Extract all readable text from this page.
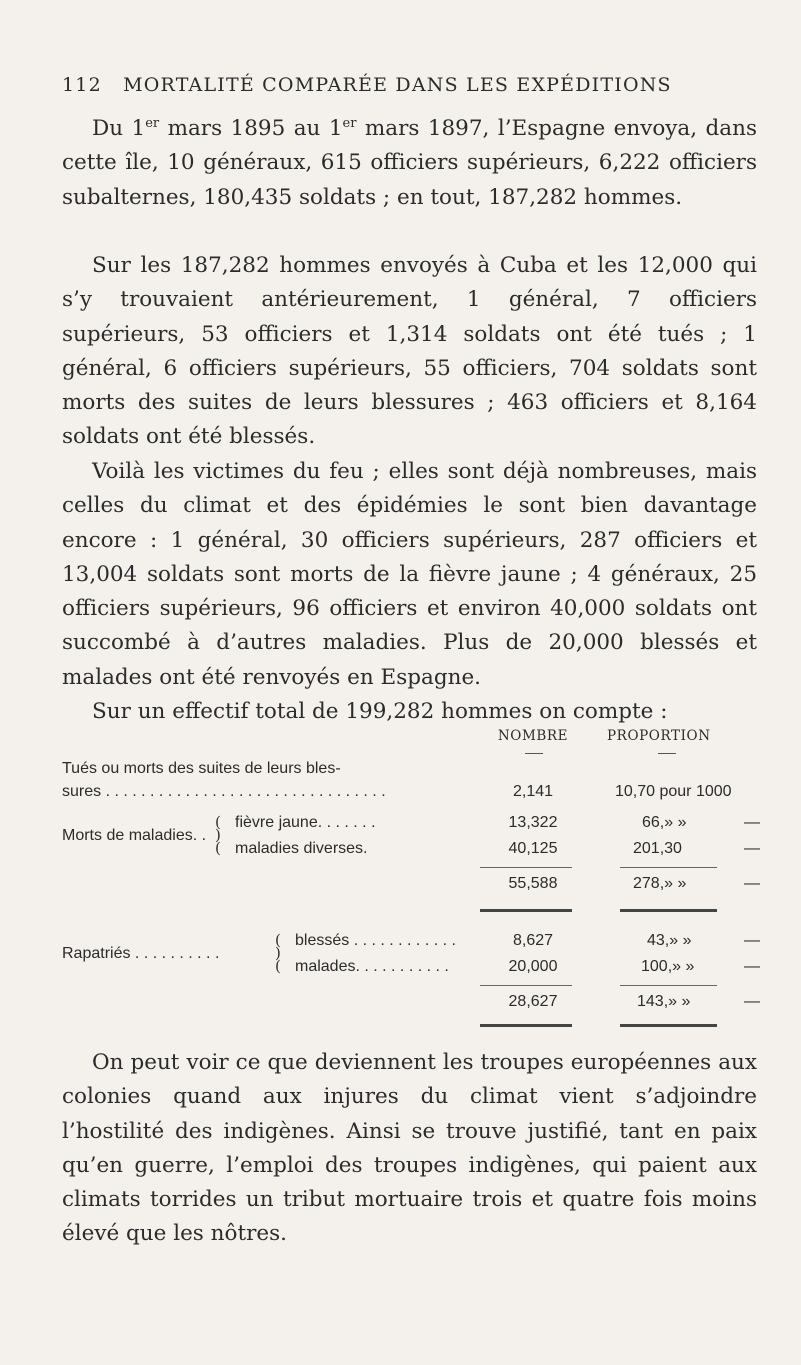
112 MORTALITÉ COMPARÉE DANS LES EXPÉDITIONS

Du 1er mars 1895 au 1er mars 1897, l’Espagne envoya, dans cette île, 10 généraux, 615 officiers supérieurs, 6,222 officiers subalternes, 180,435 soldats ; en tout, 187,282 hommes.

Sur les 187,282 hommes envoyés à Cuba et les 12,000 qui s’y trouvaient antérieurement, 1 général, 7 officiers supérieurs, 53 officiers et 1,314 soldats ont été tués ; 1 général, 6 officiers supérieurs, 55 officiers, 704 soldats sont morts des suites de leurs blessures ; 463 officiers et 8,164 soldats ont été blessés.

Voilà les victimes du feu ; elles sont déjà nombreuses, mais celles du climat et des épidémies le sont bien davantage encore : 1 général, 30 officiers supérieurs, 287 officiers et 13,004 soldats sont morts de la fièvre jaune ; 4 généraux, 25 officiers supérieurs, 96 officiers et environ 40,000 soldats ont succombé à d’autres maladies. Plus de 20,000 blessés et malades ont été renvoyés en Espagne.

Sur un effectif total de 199,282 hommes on compte :

NOMBRE	PROPORTION
Tués ou morts des suites de leurs bles-
sures . . . . . . . . . . . . . . . . . . . . . . . . . . . . . . . .	2,141	10,70 pour 1000
Morts de maladies. .
(
)
(
fièvre jaune. . . . . . .	13,322	66,» »	—
maladies diverses.	40,125	201,30	—
55,588	278,» »	—
Rapatriés . . . . . . . . . .
(
)
(
blessés . . . . . . . . . . . .	8,627	43,» »	—
malades. . . . . . . . . . .	20,000	100,» »	—
28,627	143,» »	—

On peut voir ce que deviennent les troupes européennes aux colonies quand aux injures du climat vient s’adjoindre l’hostilité des indigènes. Ainsi se trouve justifié, tant en paix qu’en guerre, l’emploi des troupes indigènes, qui paient aux climats torrides un tribut mortuaire trois et quatre fois moins élevé que les nôtres.
